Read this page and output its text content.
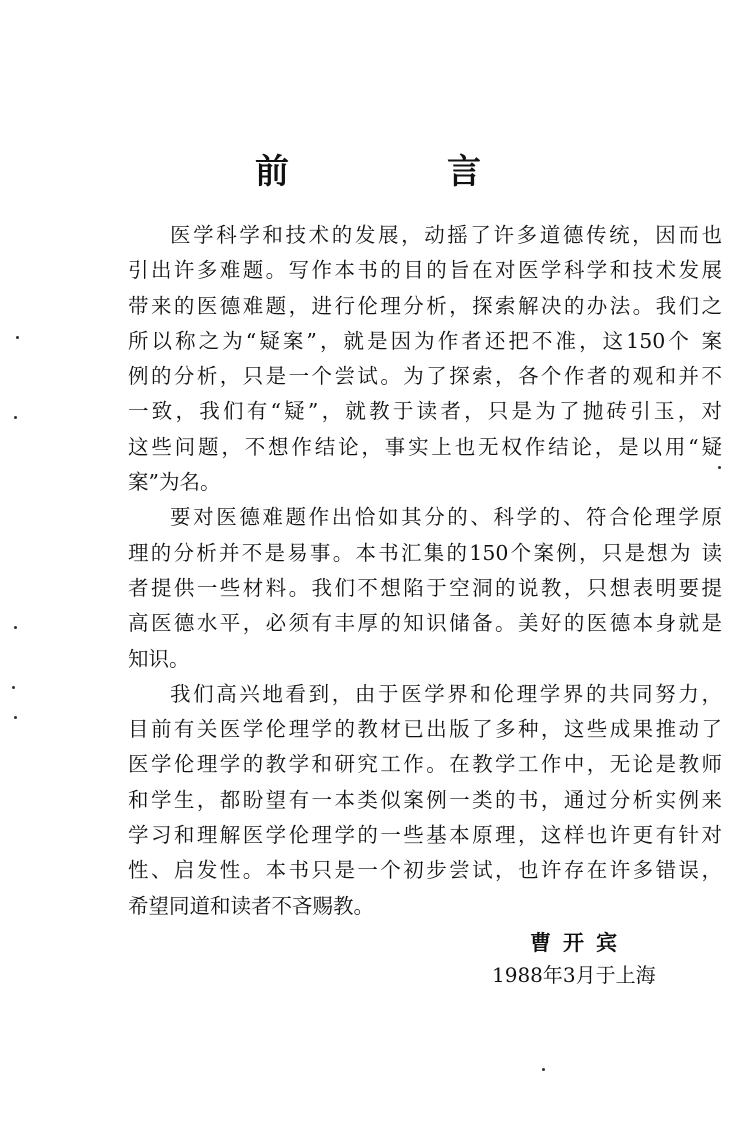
前　言
医学科学和技术的发展，动摇了许多道德传统，因而也
引出许多难题。写作本书的目的旨在对医学科学和技术发展
带来的医德难题，进行伦理分析，探索解决的办法。我们之
所以称之为“疑案”，就是因为作者还把不准，这150个 案
例的分析，只是一个尝试。为了探索，各个作者的观和并不
一致，我们有“疑”，就教于读者，只是为了抛砖引玉，对
这些问题，不想作结论，事实上也无权作结论，是以用“疑
案”为名。
要对医德难题作出恰如其分的、科学的、符合伦理学原
理的分析并不是易事。本书汇集的150个案例，只是想为 读
者提供一些材料。我们不想陷于空洞的说教，只想表明要提
高医德水平，必须有丰厚的知识储备。美好的医德本身就是
知识。
我们高兴地看到，由于医学界和伦理学界的共同努力，
目前有关医学伦理学的教材已出版了多种，这些成果推动了
医学伦理学的教学和研究工作。在教学工作中，无论是教师
和学生，都盼望有一本类似案例一类的书，通过分析实例来
学习和理解医学伦理学的一些基本原理，这样也许更有针对
性、启发性。本书只是一个初步尝试，也许存在许多错误，
希望同道和读者不吝赐教。
曹开宾
1988年3月于上海
